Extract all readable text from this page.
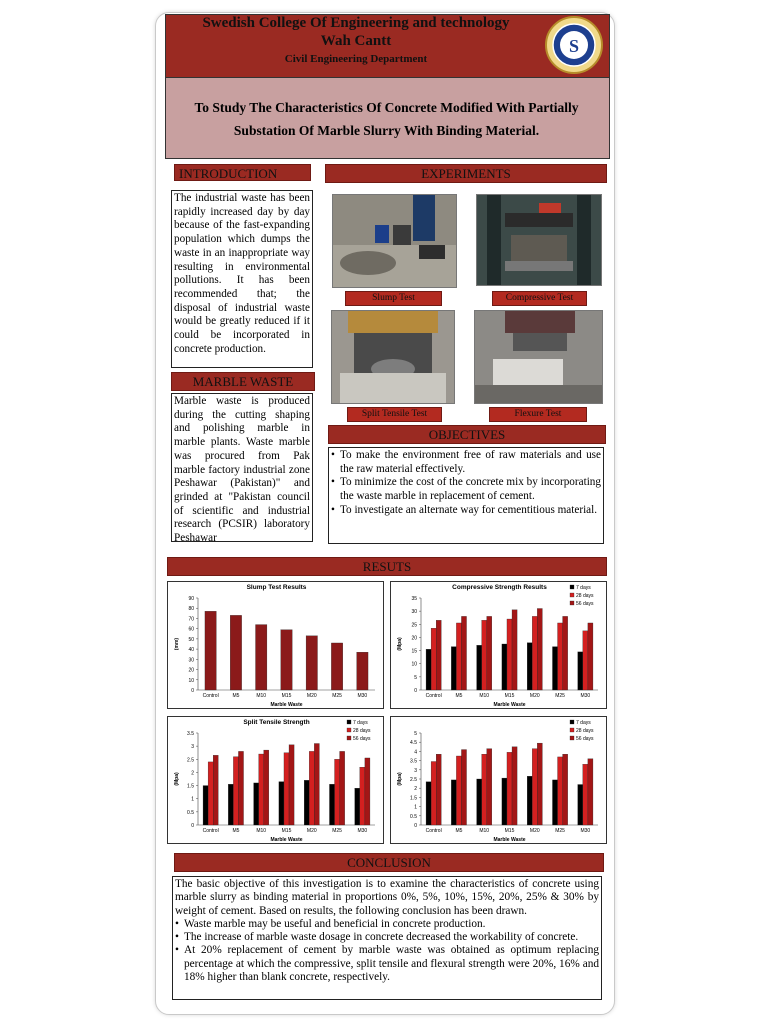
Swedish College Of Engineering and technology
Wah Cantt
Civil Engineering Department
S
To Study The Characteristics Of Concrete Modified With Partially
Substation Of Marble Slurry With Binding Material.
INTRODUCTION
The industrial waste has been rapidly increased day by day because of the fast-expanding population which dumps the waste in an inappropriate way resulting in environmental pollutions. It has been recommended that; the disposal of industrial waste would be greatly reduced if it could be incorporated in concrete production.
MARBLE WASTE
Marble waste is produced during the cutting shaping and polishing marble in marble plants. Waste marble was procured from Pak marble factory industrial zone Peshawar (Pakistan)" and grinded at "Pakistan council of scientific and industrial research (PCSIR) laboratory Peshawar
EXPERIMENTS
Slump Test	Compressive Test
Split Tensile Test	Flexure Test
OBJECTIVES
• To make the environment free of raw materials and use the raw material effectively.
• To minimize the cost of the concrete mix by incorporating the waste marble in replacement of cement.
• To investigate an alternate way for cementitious material.
RESUTS
Slump Test Results
0
10
20
30
40
50
60
70
80
90
(mm)
Marble Waste
Control	M5	M10	M15	M20	M25	M30
Compressive Strength Results
0
5
10
15
20
25
30
35
(Mpa)
Marble Waste
Control	M5	M10	M15	M20	M25	M30
7 days
28 days
56 days
Split Tensile Strength
0
0.5
1
1.5
2
2.5
3
3.5
(Mpa)
Marble Waste
Control	M5	M10	M15	M20	M25	M30
7 days
28 days
56 days
0
0.5
1
1.5
2
2.5
3
3.5
4
4.5
5
(Mpa)
Marble Waste
Control	M5	M10	M15	M20	M25	M30
7 days
28 days
56 days
CONCLUSION
The basic objective of this investigation is to examine the characteristics of concrete using marble slurry as binding material in proportions 0%, 5%, 10%, 15%, 20%, 25% & 30% by weight of cement. Based on results, the following conclusion has been drawn.
• Waste marble may be useful and beneficial in concrete production.
• The increase of marble waste dosage in concrete decreased the workability of concrete.
• At 20% replacement of cement by marble waste was obtained as optimum replacing percentage at which the compressive, split tensile and flexural strength were 20%, 16% and 18% higher than blank concrete, respectively.
